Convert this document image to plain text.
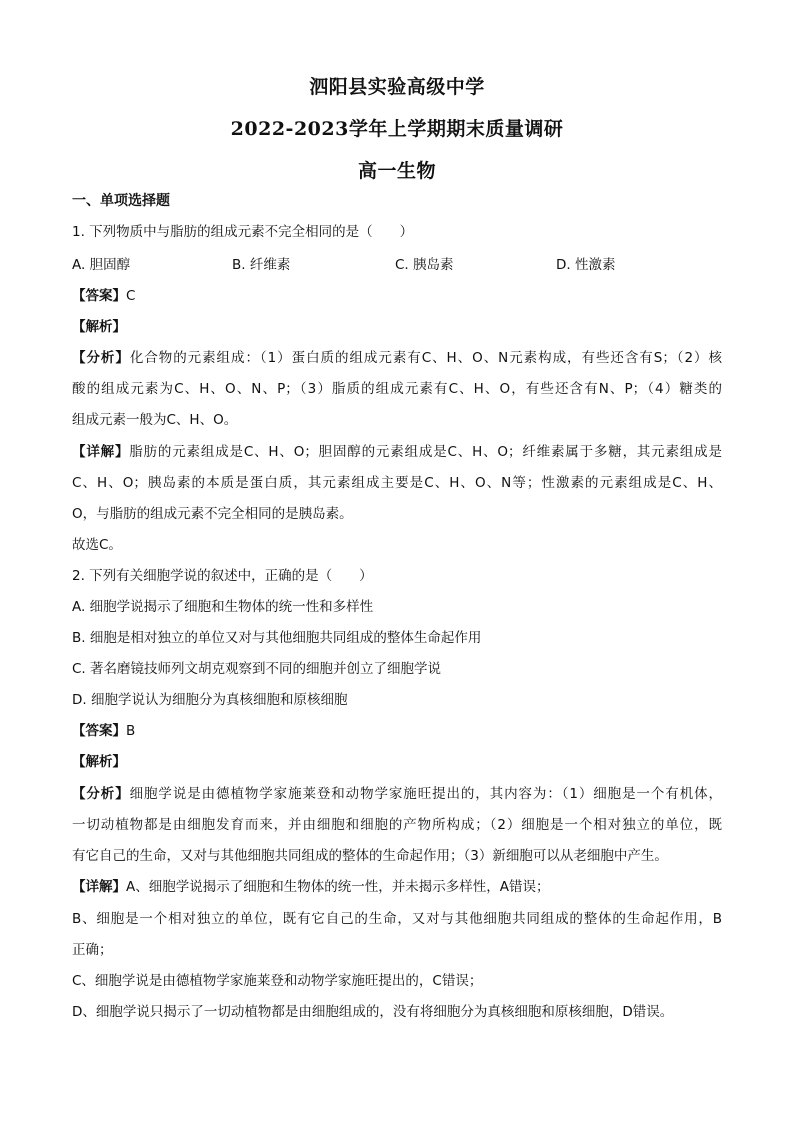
泗阳县实验高级中学
2022-2023学年上学期期末质量调研
高一生物
一、单项选择题
1. 下列物质中与脂肪的组成元素不完全相同的是（　　）
A. 胆固醇	B. 纤维素	C. 胰岛素	D. 性激素
【答案】C
【解析】
【分析】化合物的元素组成：（1）蛋白质的组成元素有C、H、O、N元素构成，有些还含有S；（2）核
酸的组成元素为C、H、O、N、P；（3）脂质的组成元素有C、H、O，有些还含有N、P；（4）糖类的
组成元素一般为C、H、O。
【详解】脂肪的元素组成是C、H、O；胆固醇的元素组成是C、H、O；纤维素属于多糖，其元素组成是
C、H、O；胰岛素的本质是蛋白质，其元素组成主要是C、H、O、N等；性激素的元素组成是C、H、
O，与脂肪的组成元素不完全相同的是胰岛素。
故选C。
2. 下列有关细胞学说的叙述中，正确的是（　　）
A. 细胞学说揭示了细胞和生物体的统一性和多样性
B. 细胞是相对独立的单位又对与其他细胞共同组成的整体生命起作用
C. 著名磨镜技师列文胡克观察到不同的细胞并创立了细胞学说
D. 细胞学说认为细胞分为真核细胞和原核细胞
【答案】B
【解析】
【分析】细胞学说是由德植物学家施莱登和动物学家施旺提出的，其内容为：（1）细胞是一个有机体，
一切动植物都是由细胞发育而来，并由细胞和细胞的产物所构成；（2）细胞是一个相对独立的单位，既
有它自己的生命，又对与其他细胞共同组成的整体的生命起作用；（3）新细胞可以从老细胞中产生。
【详解】A、细胞学说揭示了细胞和生物体的统一性，并未揭示多样性，A错误；
B、细胞是一个相对独立的单位，既有它自己的生命，又对与其他细胞共同组成的整体的生命起作用，B
正确；
C、细胞学说是由德植物学家施莱登和动物学家施旺提出的，C错误；
D、细胞学说只揭示了一切动植物都是由细胞组成的，没有将细胞分为真核细胞和原核细胞，D错误。
